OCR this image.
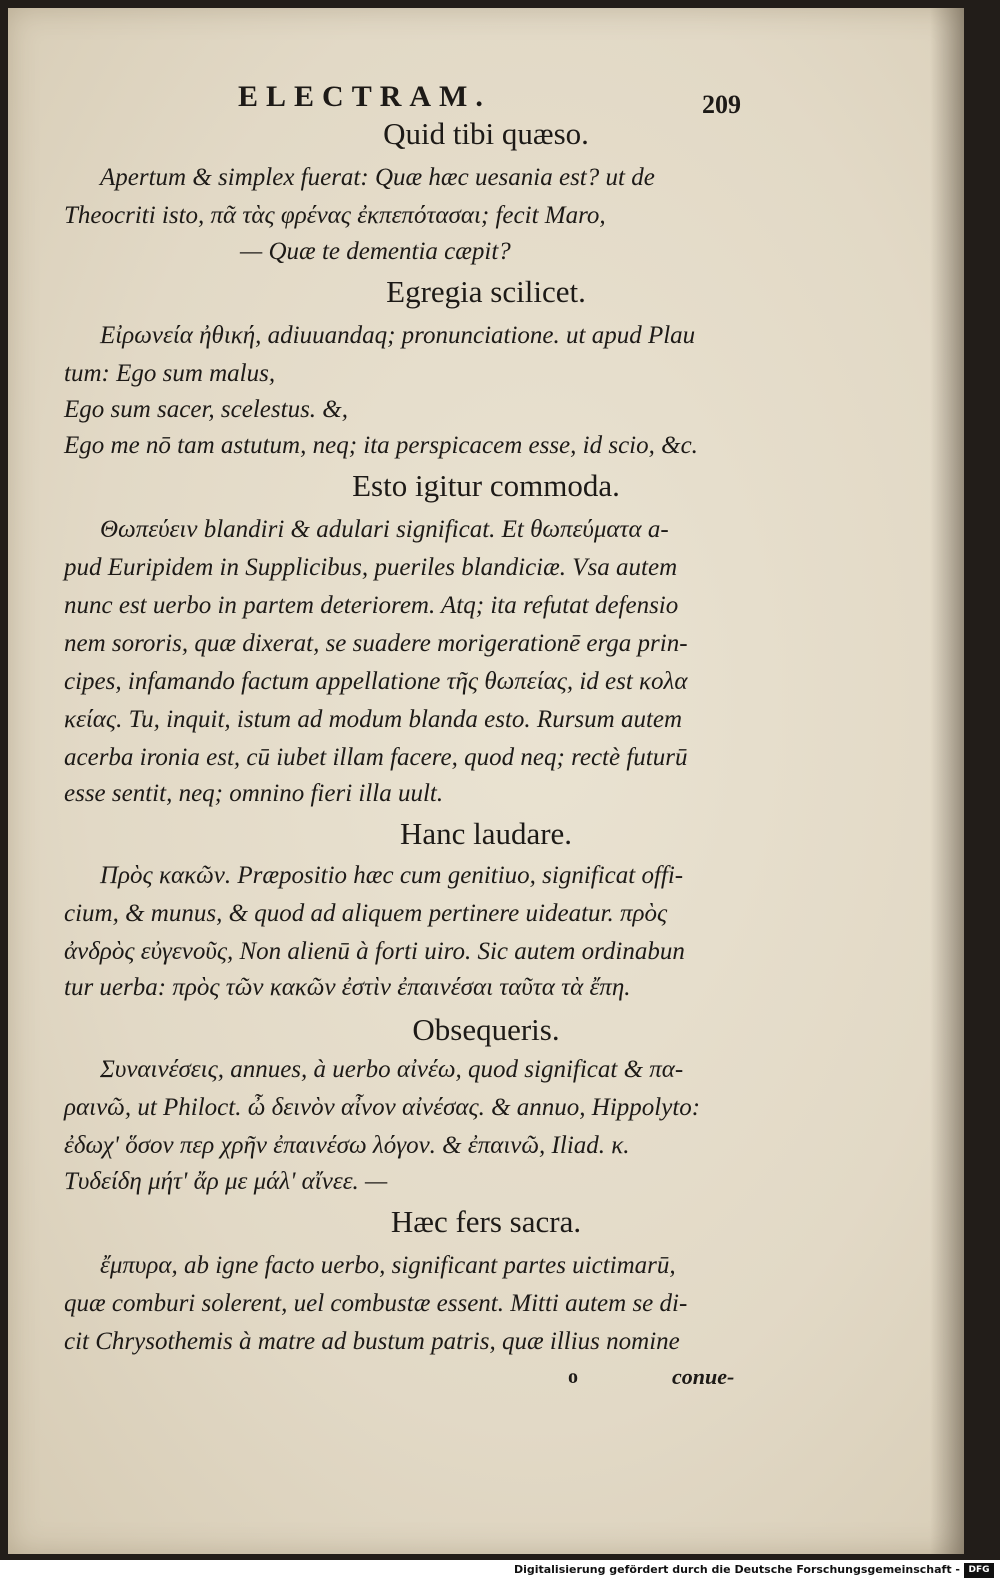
ELECTRAM.	209
Quid tibi quæso.
Apertum & simplex fuerat: Quæ hæc uesania est? ut de
Theocriti isto, πᾶ τὰς φρένας ἐκπεπότασαι; fecit Maro,
— Quæ te dementia cæpit?
Egregia scilicet.
Εἰρωνεία ἠθική, adiuuandaq; pronunciatione. ut apud Plau
tum: Ego sum malus,
Ego sum sacer, scelestus. &,
Ego me nō tam astutum, neq; ita perspicacem esse, id scio, &c.
Esto igitur commoda.
Θωπεύειν blandiri & adulari significat. Et θωπεύματα a-
pud Euripidem in Supplicibus, pueriles blandiciæ. Vsa autem
nunc est uerbo in partem deteriorem. Atq; ita refutat defensio
nem sororis, quæ dixerat, se suadere morigerationē erga prin-
cipes, infamando factum appellatione τῆς θωπείας, id est κολα
κείας. Tu, inquit, istum ad modum blanda esto. Rursum autem
acerba ironia est, cū iubet illam facere, quod neq; rectè futurū
esse sentit, neq; omnino fieri illa uult.
Hanc laudare.
Πρὸς κακῶν. Præpositio hæc cum genitiuo, significat offi-
cium, & munus, & quod ad aliquem pertinere uideatur. πρὸς
ἀνδρὸς εὐγενοῦς, Non alienū à forti uiro. Sic autem ordinabun
tur uerba: πρὸς τῶν κακῶν ἐστὶν ἐπαινέσαι ταῦτα τὰ ἔπη.
Obsequeris.
Συναινέσεις, annues, à uerbo αἰνέω, quod significat & πα-
ραινῶ, ut Philoct. ὦ δεινὸν αἶνον αἰνέσας. & annuo, Hippolyto:
ἐδωχ' ὅσον περ χρῆν ἐπαινέσω λόγον. & ἐπαινῶ, Iliad. κ.
Τυδείδη μήτ' ἄρ με μάλ' αἴνεε. —
Hæc fers sacra.
ἔμπυρα, ab igne facto uerbo, significant partes uictimarū,
quæ comburi solerent, uel combustæ essent. Mitti autem se di-
cit Chrysothemis à matre ad bustum patris, quæ illius nomine
o	conue-
Digitalisierung gefördert durch die Deutsche Forschungsgemeinschaft - DFG
